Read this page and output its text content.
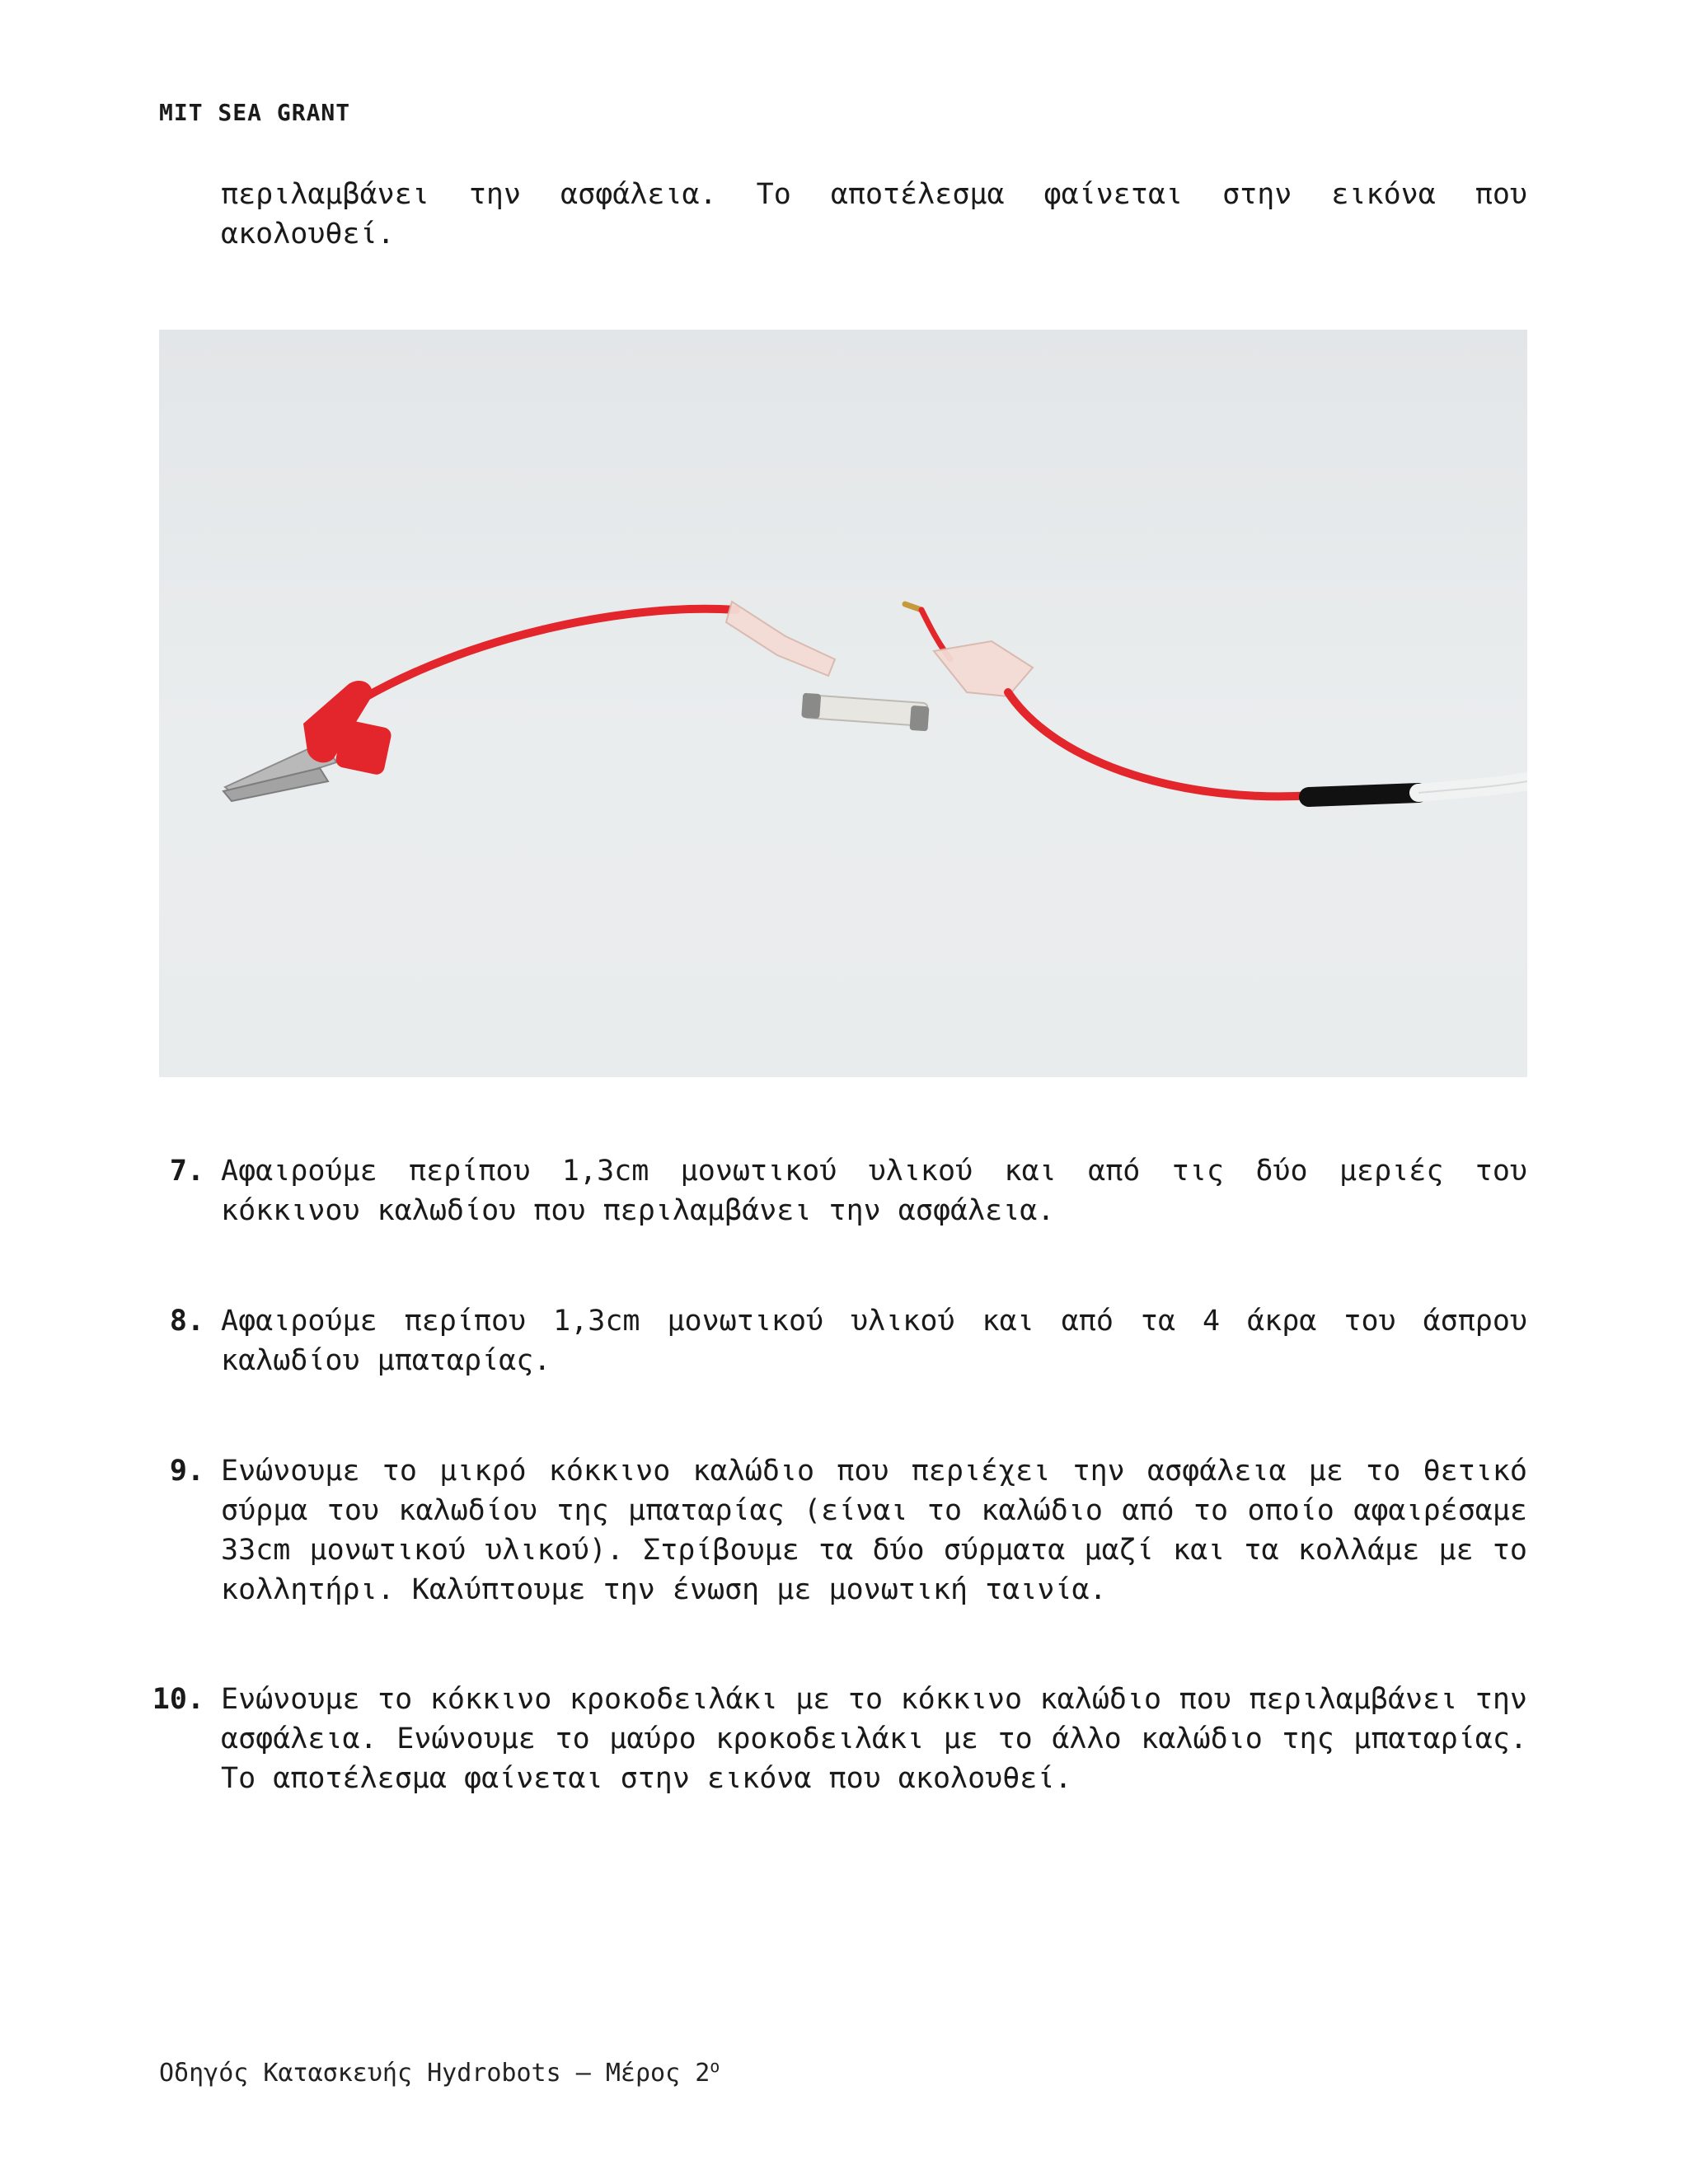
MIT SEA GRANT
περιλαμβάνει την ασφάλεια. Το αποτέλεσμα φαίνεται στην εικόνα που ακολουθεί.
7. Αφαιρούμε περίπου 1,3cm μονωτικού υλικού και από τις δύο μεριές του κόκκινου καλωδίου που περιλαμβάνει την ασφάλεια.
8. Αφαιρούμε περίπου 1,3cm μονωτικού υλικού και από τα 4 άκρα του άσπρου καλωδίου μπαταρίας.
9. Ενώνουμε το μικρό κόκκινο καλώδιο που περιέχει την ασφάλεια με το θετικό σύρμα του καλωδίου της μπαταρίας (είναι το καλώδιο από το οποίο αφαιρέσαμε 33cm μονωτικού υλικού). Στρίβουμε τα δύο σύρματα μαζί και τα κολλάμε με το κολλητήρι. Καλύπτουμε την ένωση με μονωτική ταινία.
10. Ενώνουμε το κόκκινο κροκοδειλάκι με το κόκκινο καλώδιο που περιλαμβάνει την ασφάλεια. Ενώνουμε το μαύρο κροκοδειλάκι με το άλλο καλώδιο της μπαταρίας. Το αποτέλεσμα φαίνεται στην εικόνα που ακολουθεί.
Οδηγός Κατασκευής Hydrobots – Μέρος $2^o$
